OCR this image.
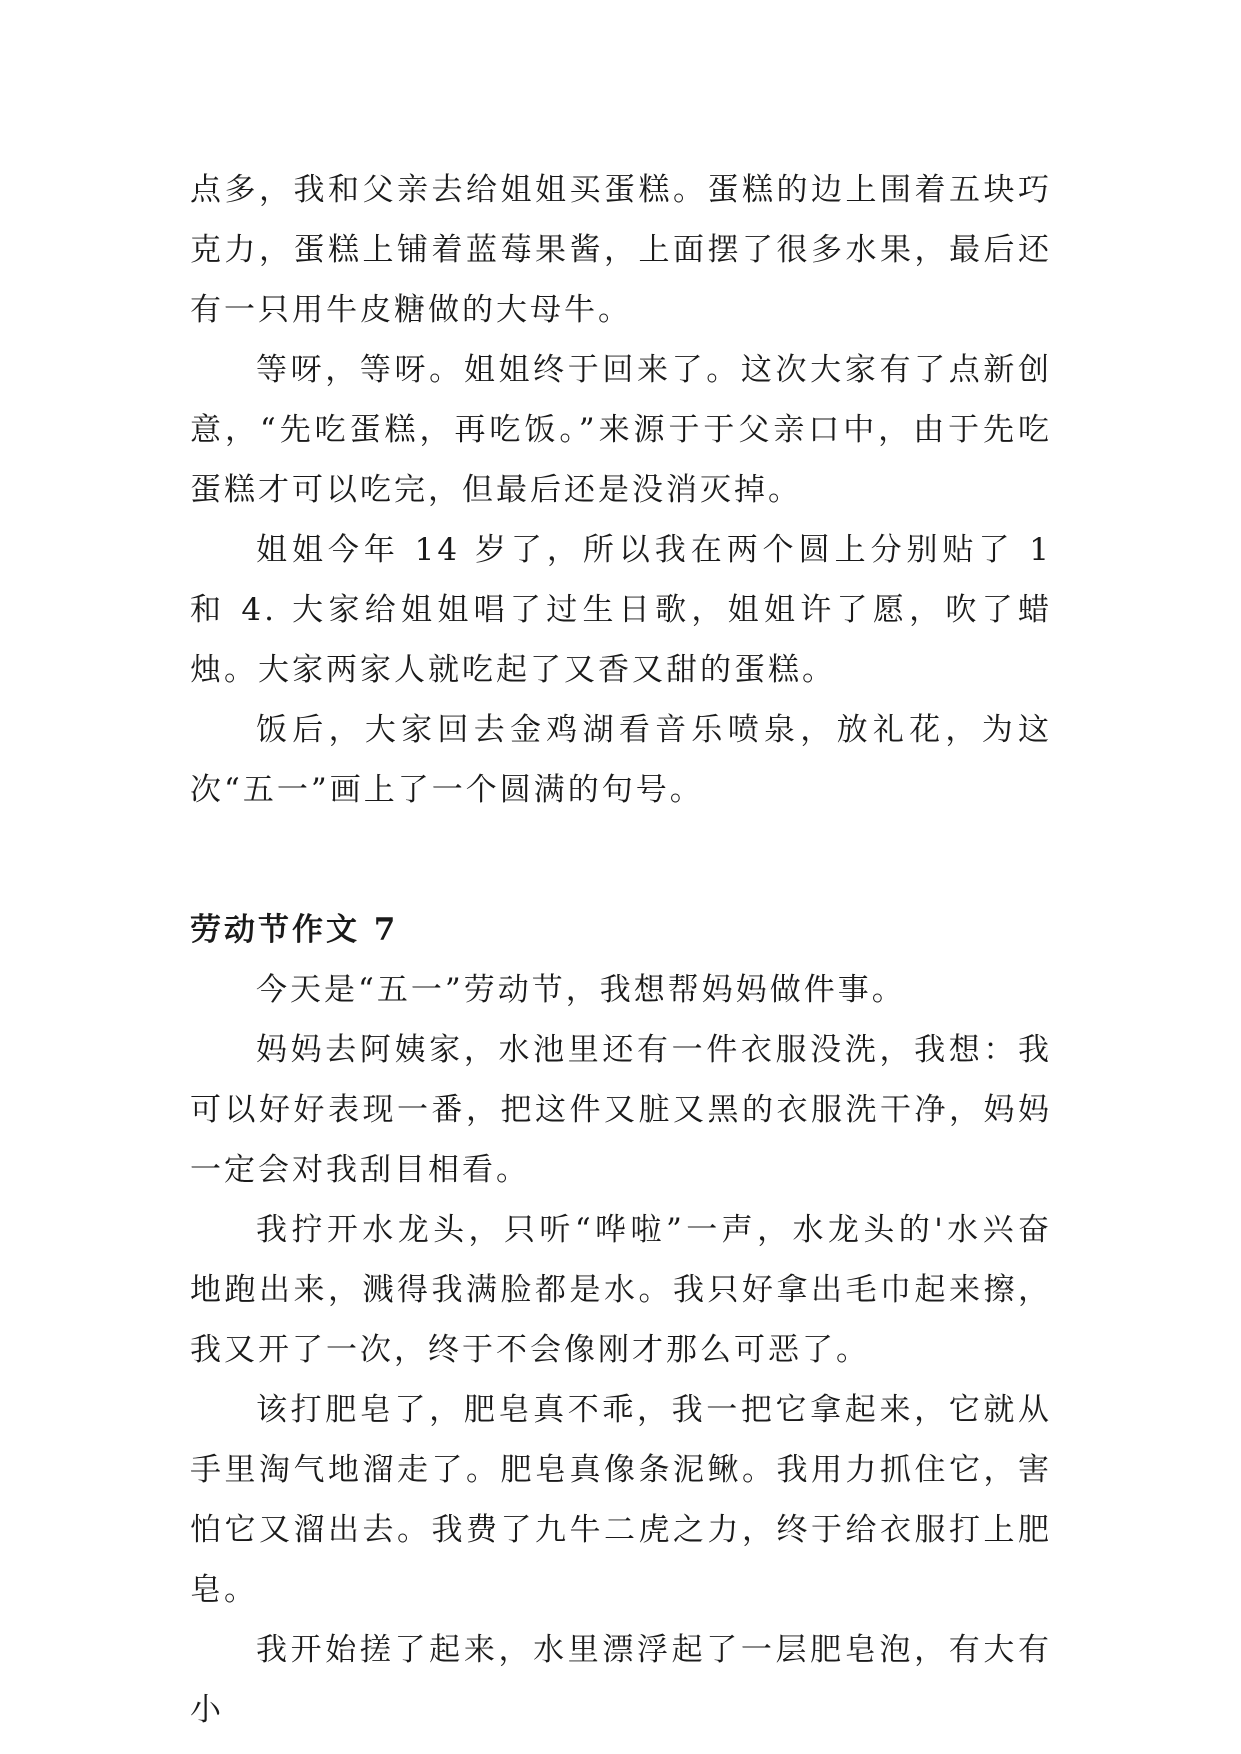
点多，我和父亲去给姐姐买蛋糕。蛋糕的边上围着五块巧克力，蛋糕上铺着蓝莓果酱，上面摆了很多水果，最后还有一只用牛皮糖做的大母牛。

等呀，等呀。姐姐终于回来了。这次大家有了点新创意，“先吃蛋糕，再吃饭。”来源于于父亲口中，由于先吃蛋糕才可以吃完，但最后还是没消灭掉。

姐姐今年 14 岁了，所以我在两个圆上分别贴了 1 和 4. 大家给姐姐唱了过生日歌，姐姐许了愿，吹了蜡烛。大家两家人就吃起了又香又甜的蛋糕。

饭后，大家回去金鸡湖看音乐喷泉，放礼花，为这次“五一”画上了一个圆满的句号。

劳动节作文 7

今天是“五一”劳动节，我想帮妈妈做件事。

妈妈去阿姨家，水池里还有一件衣服没洗，我想：我可以好好表现一番，把这件又脏又黑的衣服洗干净，妈妈一定会对我刮目相看。

我拧开水龙头，只听“哗啦”一声，水龙头的'水兴奋地跑出来，溅得我满脸都是水。我只好拿出毛巾起来擦，我又开了一次，终于不会像刚才那么可恶了。

该打肥皂了，肥皂真不乖，我一把它拿起来，它就从手里淘气地溜走了。肥皂真像条泥鳅。我用力抓住它，害怕它又溜出去。我费了九牛二虎之力，终于给衣服打上肥皂。

我开始搓了起来，水里漂浮起了一层肥皂泡，有大有小
